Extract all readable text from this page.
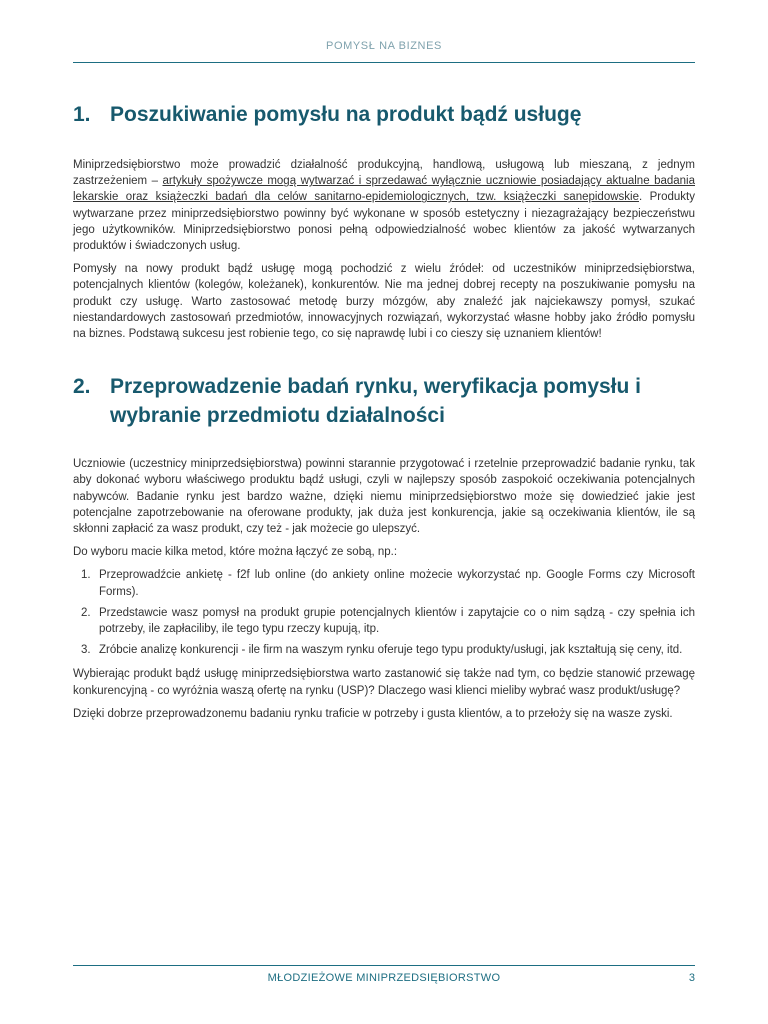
POMYSŁ NA BIZNES
1. Poszukiwanie pomysłu na produkt bądź usługę

Miniprzedsiębiorstwo może prowadzić działalność produkcyjną, handlową, usługową lub mieszaną, z jednym zastrzeżeniem – artykuły spożywcze mogą wytwarzać i sprzedawać wyłącznie uczniowie posiadający aktualne badania lekarskie oraz książeczki badań dla celów sanitarno-epidemiologicznych, tzw. książeczki sanepidowskie. Produkty wytwarzane przez miniprzedsiębiorstwo powinny być wykonane w sposób estetyczny i niezagrażający bezpieczeństwu jego użytkowników. Miniprzedsiębiorstwo ponosi pełną odpowiedzialność wobec klientów za jakość wytwarzanych produktów i świadczonych usług.

Pomysły na nowy produkt bądź usługę mogą pochodzić z wielu źródeł: od uczestników miniprzedsiębiorstwa, potencjalnych klientów (kolegów, koleżanek), konkurentów. Nie ma jednej dobrej recepty na poszukiwanie pomysłu na produkt czy usługę. Warto zastosować metodę burzy mózgów, aby znaleźć jak najciekawszy pomysł, szukać niestandardowych zastosowań przedmiotów, innowacyjnych rozwiązań, wykorzystać własne hobby jako źródło pomysłu na biznes. Podstawą sukcesu jest robienie tego, co się naprawdę lubi i co cieszy się uznaniem klientów!

2. Przeprowadzenie badań rynku, weryfikacja pomysłu i wybranie przedmiotu działalności

Uczniowie (uczestnicy miniprzedsiębiorstwa) powinni starannie przygotować i rzetelnie przeprowadzić badanie rynku, tak aby dokonać wyboru właściwego produktu bądź usługi, czyli w najlepszy sposób zaspokoić oczekiwania potencjalnych nabywców. Badanie rynku jest bardzo ważne, dzięki niemu miniprzedsiębiorstwo może się dowiedzieć jakie jest potencjalne zapotrzebowanie na oferowane produkty, jak duża jest konkurencja, jakie są oczekiwania klientów, ile są skłonni zapłacić za wasz produkt, czy też - jak możecie go ulepszyć.

Do wyboru macie kilka metod, które można łączyć ze sobą, np.:

1. Przeprowadźcie ankietę - f2f lub online (do ankiety online możecie wykorzystać np. Google Forms czy Microsoft Forms).
2. Przedstawcie wasz pomysł na produkt grupie potencjalnych klientów i zapytajcie co o nim sądzą - czy spełnia ich potrzeby, ile zapłaciliby, ile tego typu rzeczy kupują, itp.
3. Zróbcie analizę konkurencji - ile firm na waszym rynku oferuje tego typu produkty/usługi, jak kształtują się ceny, itd.

Wybierając produkt bądź usługę miniprzedsiębiorstwa warto zastanowić się także nad tym, co będzie stanowić przewagę konkurencyjną - co wyróżnia waszą ofertę na rynku (USP)? Dlaczego wasi klienci mieliby wybrać wasz produkt/usługę?

Dzięki dobrze przeprowadzonemu badaniu rynku traficie w potrzeby i gusta klientów, a to przełoży się na wasze zyski.

MŁODZIEŻOWE MINIPRZEDSIĘBIORSTWO	3
